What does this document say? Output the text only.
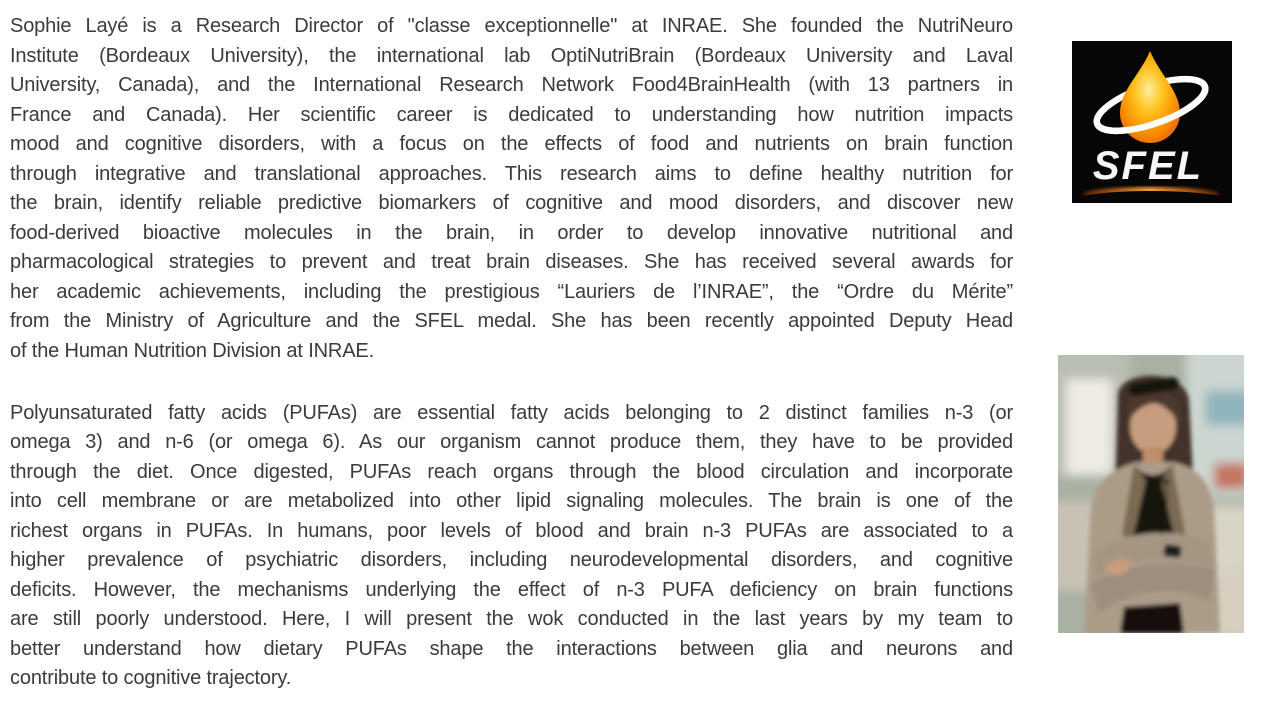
Sophie Layé is a Research Director of "classe exceptionnelle" at INRAE. She founded the NutriNeuro
Institute (Bordeaux University), the international lab OptiNutriBrain (Bordeaux University and Laval
University, Canada), and the International Research Network Food4BrainHealth (with 13 partners in
France and Canada). Her scientific career is dedicated to understanding how nutrition impacts
mood and cognitive disorders, with a focus on the effects of food and nutrients on brain function
through integrative and translational approaches. This research aims to define healthy nutrition for
the brain, identify reliable predictive biomarkers of cognitive and mood disorders, and discover new
food-derived bioactive molecules in the brain, in order to develop innovative nutritional and
pharmacological strategies to prevent and treat brain diseases. She has received several awards for
her academic achievements, including the prestigious “Lauriers de l’INRAE”, the “Ordre du Mérite”
from the Ministry of Agriculture and the SFEL medal. She has been recently appointed Deputy Head
of the Human Nutrition Division at INRAE.
Polyunsaturated fatty acids (PUFAs) are essential fatty acids belonging to 2 distinct families n-3 (or
omega 3) and n-6 (or omega 6). As our organism cannot produce them, they have to be provided
through the diet. Once digested, PUFAs reach organs through the blood circulation and incorporate
into cell membrane or are metabolized into other lipid signaling molecules. The brain is one of the
richest organs in PUFAs. In humans, poor levels of blood and brain n-3 PUFAs are associated to a
higher prevalence of psychiatric disorders, including neurodevelopmental disorders, and cognitive
deficits. However, the mechanisms underlying the effect of n-3 PUFA deficiency on brain functions
are still poorly understood. Here, I will present the wok conducted in the last years by my team to
better understand how dietary PUFAs shape the interactions between glia and neurons and
contribute to cognitive trajectory.
SFEL
